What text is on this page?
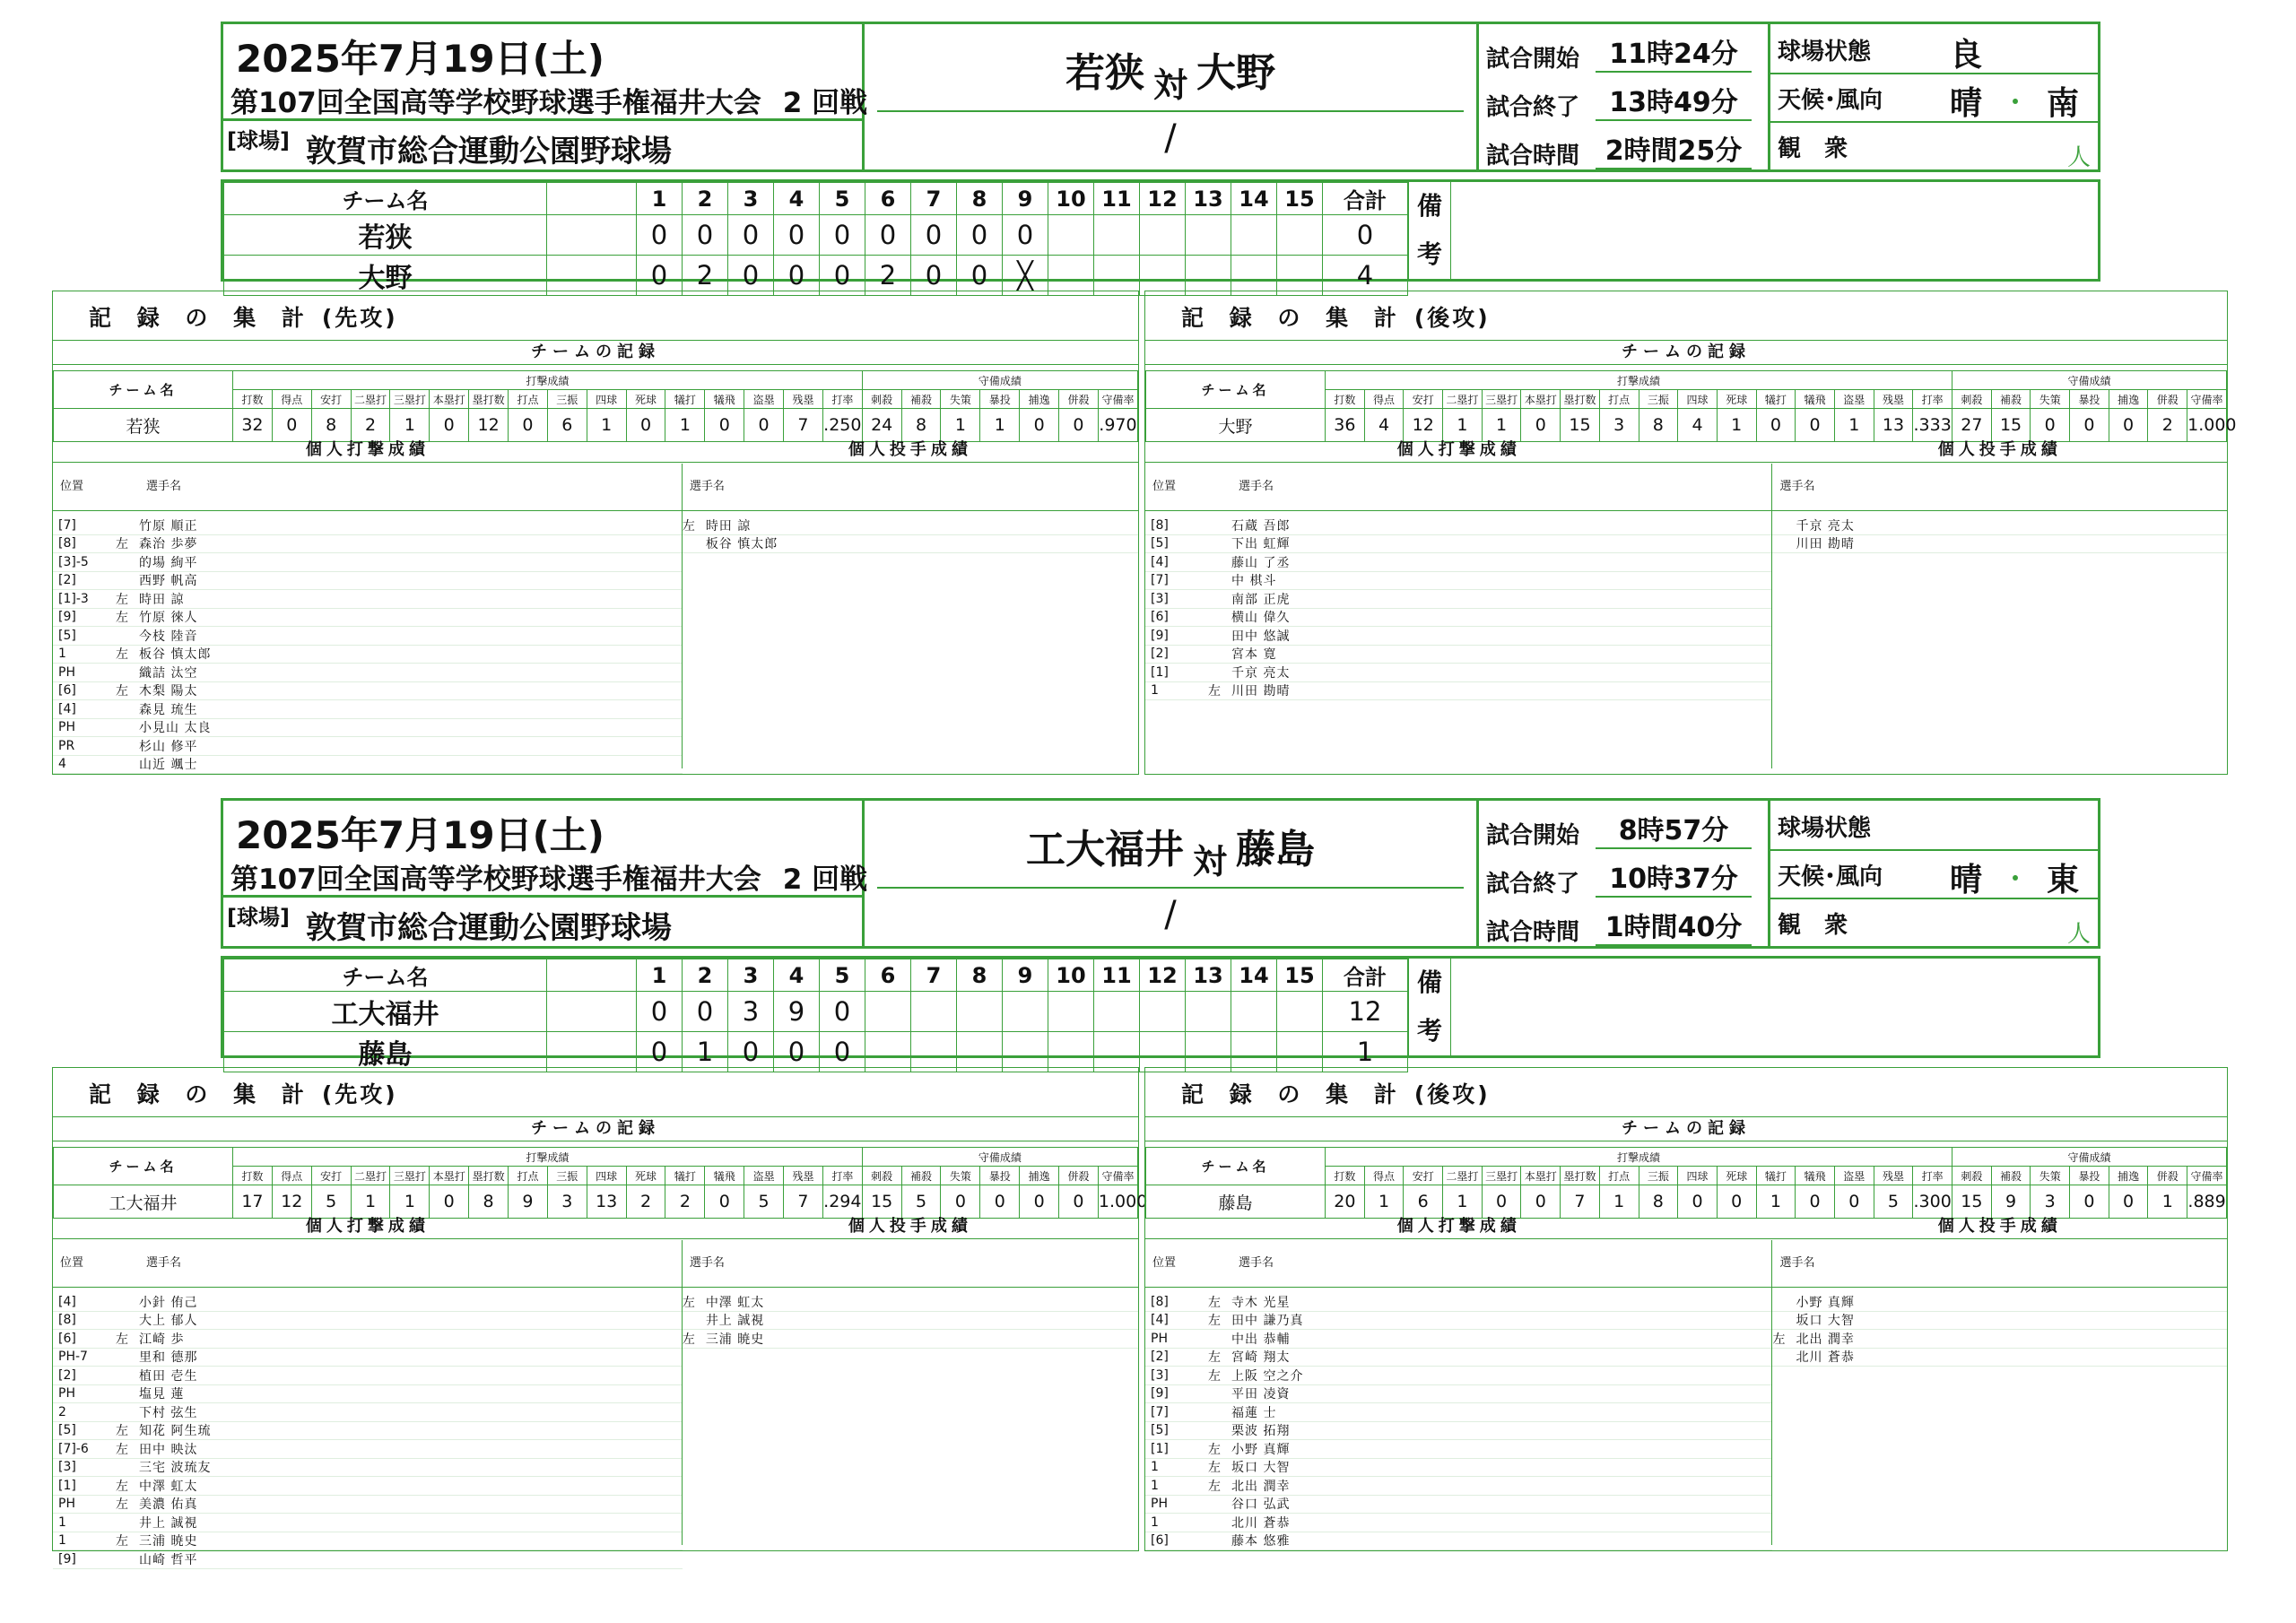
2025年7月19日(土)
第107回全国高等学校野球選手権福井大会 2 回戦
[球場] 敦賀市総合運動公園野球場
若狭 対 大野
/
試合開始	11時24分
試合終了	13時49分
試合時間 2時間25分
球場状態 良
天候･風向 晴 ･ 南
観　衆	人
チーム名		1	2	3	4	5	6	7	8	9	10	11	12	13	14	15	合計
若狭		0	0	0	0	0	0	0	0	0							0
大野		0	2	0	0	0	2	0	0	╳							4
備考
記 録 の 集 計 (先攻)
チームの記録
チーム名	打撃成績																守備成績						
	打数	得点	安打	二塁打	三塁打	本塁打	塁打数	打点	三振	四球	死球	犠打	犠飛	盗塁	残塁	打率	刺殺	補殺	失策	暴投	捕逸	併殺	守備率
若狭	32	0	8	2	1	0	12	0	6	1	0	1	0	0	7	.250	24	8	1	1	0	0	.970
個人打撃成績	個人投手成績
位置	選手名
[7]	竹原 順正
[8]	左 森治 歩夢
[3]-5	的場 絢平
[2]	西野 帆高
[1]-3	左 時田 諒
[9]	左 竹原 徠人
[5]	今枝 陸音
1	左 板谷 慎太郎
PH	織詰 汰空
[6]	左 木梨 陽太
[4]	森見 琉生
PH	小見山 太良
PR	杉山 修平
4	山近 颯士
選手名
左 時田 諒
板谷 慎太郎
記 録 の 集 計 (後攻)
チームの記録
チーム名	打撃成績																守備成績						
	打数	得点	安打	二塁打	三塁打	本塁打	塁打数	打点	三振	四球	死球	犠打	犠飛	盗塁	残塁	打率	刺殺	補殺	失策	暴投	捕逸	併殺	守備率
大野	36	4	12	1	1	0	15	3	8	4	1	0	0	1	13	.333	27	15	0	0	0	2	1.000
個人打撃成績	個人投手成績
位置	選手名
[8]	石蔵 吾郎
[5]	下出 虹輝
[4]	藤山 了丞
[7]	中 棋斗
[3]	南部 正虎
[6]	横山 偉久
[9]	田中 悠誠
[2]	宮本 寛
[1]	千京 亮太
1	左 川田 勘晴
選手名
千京 亮太
川田 勘晴
2025年7月19日(土)
第107回全国高等学校野球選手権福井大会 2 回戦
[球場] 敦賀市総合運動公園野球場
工大福井 対 藤島
/
試合開始	8時57分
試合終了	10時37分
試合時間 1時間40分
球場状態
天候･風向 晴 ･ 東
観　衆	人
チーム名		1	2	3	4	5	6	7	8	9	10	11	12	13	14	15	合計
工大福井		0	0	3	9	0											12
藤島		0	1	0	0	0											1
備考
記 録 の 集 計 (先攻)
チームの記録
チーム名	打撃成績																守備成績						
	打数	得点	安打	二塁打	三塁打	本塁打	塁打数	打点	三振	四球	死球	犠打	犠飛	盗塁	残塁	打率	刺殺	補殺	失策	暴投	捕逸	併殺	守備率
工大福井	17	12	5	1	1	0	8	9	3	13	2	2	0	5	7	.294	15	5	0	0	0	0	1.000
個人打撃成績	個人投手成績
位置	選手名
[4]	小針 侑己
[8]	大上 郁人
[6]	左 江崎 歩
PH-7	里和 德那
[2]	植田 壱生
PH	塩見 蓮
2	下村 弦生
[5]	左 知花 阿生琉
[7]-6	左 田中 映汰
[3]	三宅 波琉友
[1]	左 中澤 虹太
PH	左 美濃 佑真
1	井上 誠視
1	左 三浦 暁史
[9]	山崎 哲平
選手名
左 中澤 虹太
井上 誠視
左 三浦 暁史
記 録 の 集 計 (後攻)
チームの記録
チーム名	打撃成績																守備成績						
	打数	得点	安打	二塁打	三塁打	本塁打	塁打数	打点	三振	四球	死球	犠打	犠飛	盗塁	残塁	打率	刺殺	補殺	失策	暴投	捕逸	併殺	守備率
藤島	20	1	6	1	0	0	7	1	8	0	0	1	0	0	5	.300	15	9	3	0	0	1	.889
個人打撃成績	個人投手成績
位置	選手名
[8]	左 寺木 光星
[4]	左 田中 謙乃真
PH	中出 恭輔
[2]	左 宮崎 翔太
[3]	左 上阪 空之介
[9]	平田 凌資
[7]	福蓮 士
[5]	栗波 拓翔
[1]	左 小野 真輝
1	左 坂口 大智
1	左 北出 潤幸
PH	谷口 弘武
1	北川 蒼恭
[6]	藤本 悠雅
選手名
小野 真輝
坂口 大智
左 北出 潤幸
北川 蒼恭
